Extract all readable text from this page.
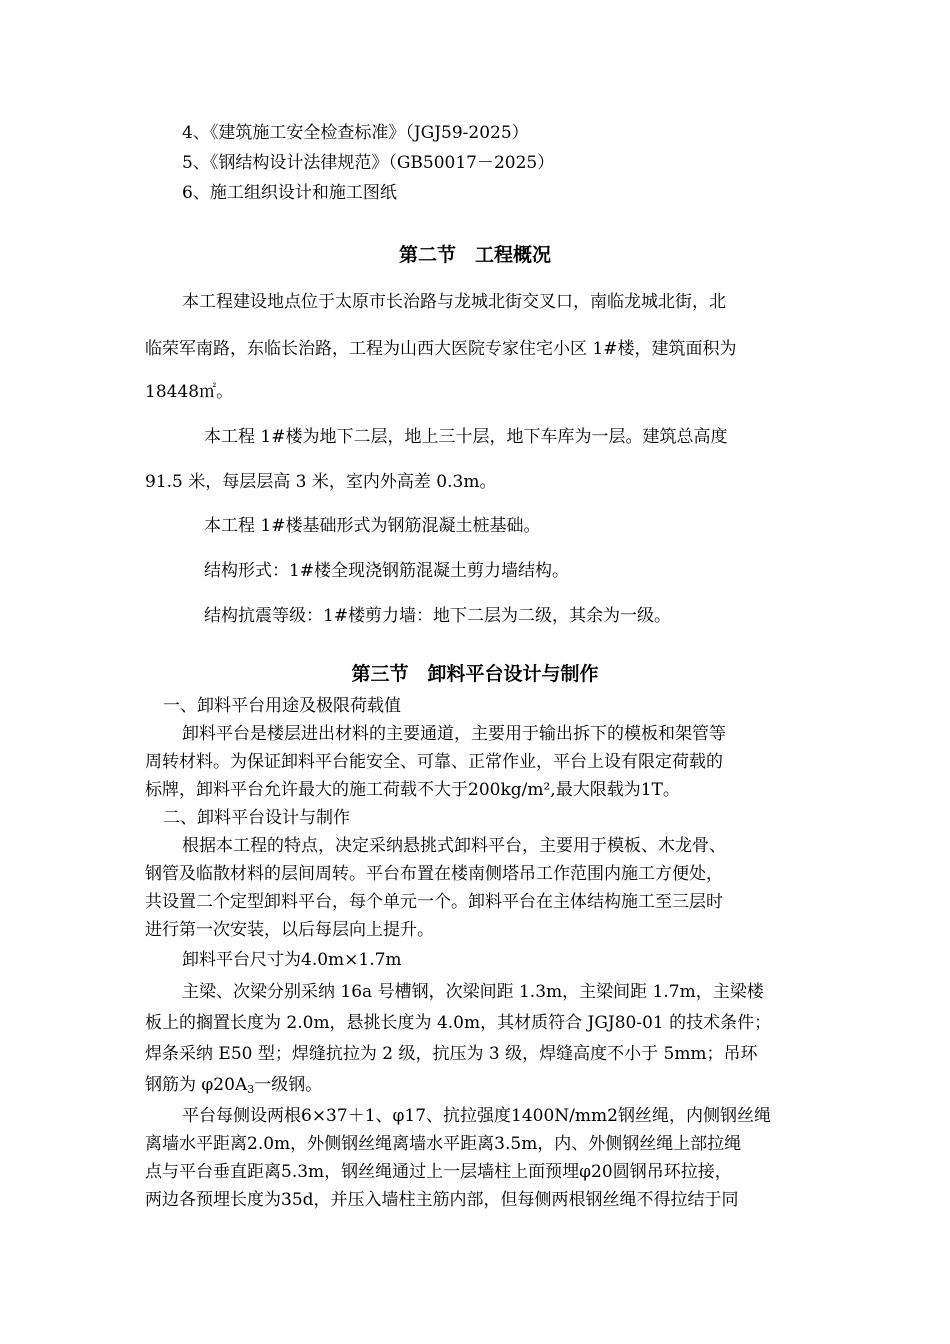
4、《建筑施工安全检查标准》（JGJ59-2025）
5、《钢结构设计法律规范》（GB50017－2025）
6、施工组织设计和施工图纸
第二节　工程概况
本工程建设地点位于太原市长治路与龙城北街交叉口，南临龙城北街，北
临荣军南路，东临长治路，工程为山西大医院专家住宅小区 1#楼，建筑面积为
18448㎡。
本工程 1#楼为地下二层，地上三十层，地下车库为一层。建筑总高度
91.5 米，每层层高 3 米，室内外高差 0.3m。
本工程 1#楼基础形式为钢筋混凝土桩基础。
结构形式：1#楼全现浇钢筋混凝土剪力墙结构。
结构抗震等级：1#楼剪力墙：地下二层为二级，其余为一级。
第三节　卸料平台设计与制作
一、卸料平台用途及极限荷载值
卸料平台是楼层进出材料的主要通道，主要用于输出拆下的模板和架管等
周转材料。为保证卸料平台能安全、可靠、正常作业，平台上设有限定荷载的
标牌，卸料平台允许最大的施工荷载不大于200kg/m²,最大限载为1T。
二、卸料平台设计与制作
根据本工程的特点，决定采纳悬挑式卸料平台，主要用于模板、木龙骨、
钢管及临散材料的层间周转。平台布置在楼南侧塔吊工作范围内施工方便处，
共设置二个定型卸料平台，每个单元一个。卸料平台在主体结构施工至三层时
进行第一次安装，以后每层向上提升。
卸料平台尺寸为4.0m×1.7m
主梁、次梁分别采纳 16a 号槽钢，次梁间距 1.3m，主梁间距 1.7m，主梁楼
板上的搁置长度为 2.0m，悬挑长度为 4.0m，其材质符合 JGJ80-01 的技术条件；
焊条采纳 E50 型；焊缝抗拉为 2 级，抗压为 3 级，焊缝高度不小于 5mm；吊环
钢筋为 $\varphi 20A_3$一级钢。
平台每侧设两根6×37＋1、φ17、抗拉强度1400N/mm2钢丝绳，内侧钢丝绳
离墙水平距离2.0m，外侧钢丝绳离墙水平距离3.5m，内、外侧钢丝绳上部拉绳
点与平台垂直距离5.3m，钢丝绳通过上一层墙柱上面预埋φ20圆钢吊环拉接，
两边各预埋长度为35d，并压入墙柱主筋内部，但每侧两根钢丝绳不得拉结于同
